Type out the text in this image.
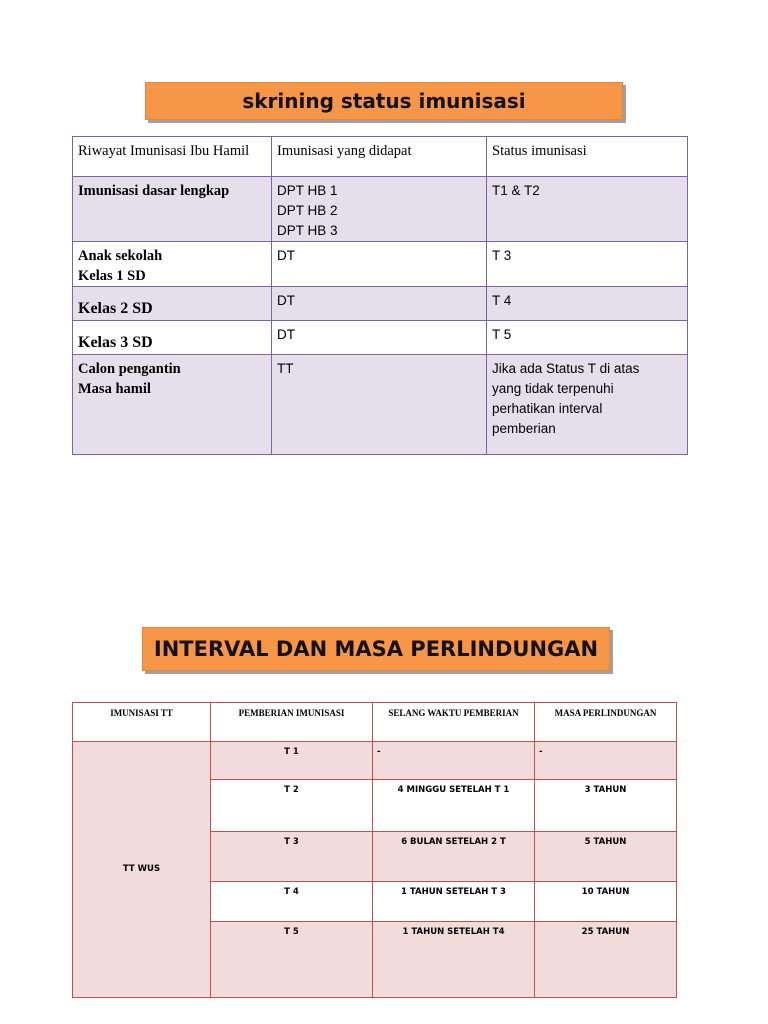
skrining status imunisasi
Riwayat Imunisasi Ibu Hamil	Imunisasi yang didapat	Status imunisasi

Imunisasi dasar lengkap	DPT HB 1
DPT HB 2
DPT HB 3	T1 & T2

Anak sekolah
Kelas 1 SD	DT	T 3

Kelas 2 SD	DT	T 4

Kelas 3 SD	DT	T 5

Calon pengantin
Masa hamil	TT	Jika ada Status T di atas
yang tidak terpenuhi
perhatikan interval
pemberian
INTERVAL DAN MASA PERLINDUNGAN
IMUNISASI TT	PEMBERIAN IMUNISASI	SELANG WAKTU PEMBERIAN	MASA PERLINDUNGAN
TT WUS	T 1	-	-
	T 2	4 MINGGU SETELAH T 1	3 TAHUN
	T 3	6 BULAN SETELAH 2 T	5 TAHUN
	T 4	1 TAHUN SETELAH T 3	10 TAHUN
	T 5	1 TAHUN SETELAH T4	25 TAHUN
